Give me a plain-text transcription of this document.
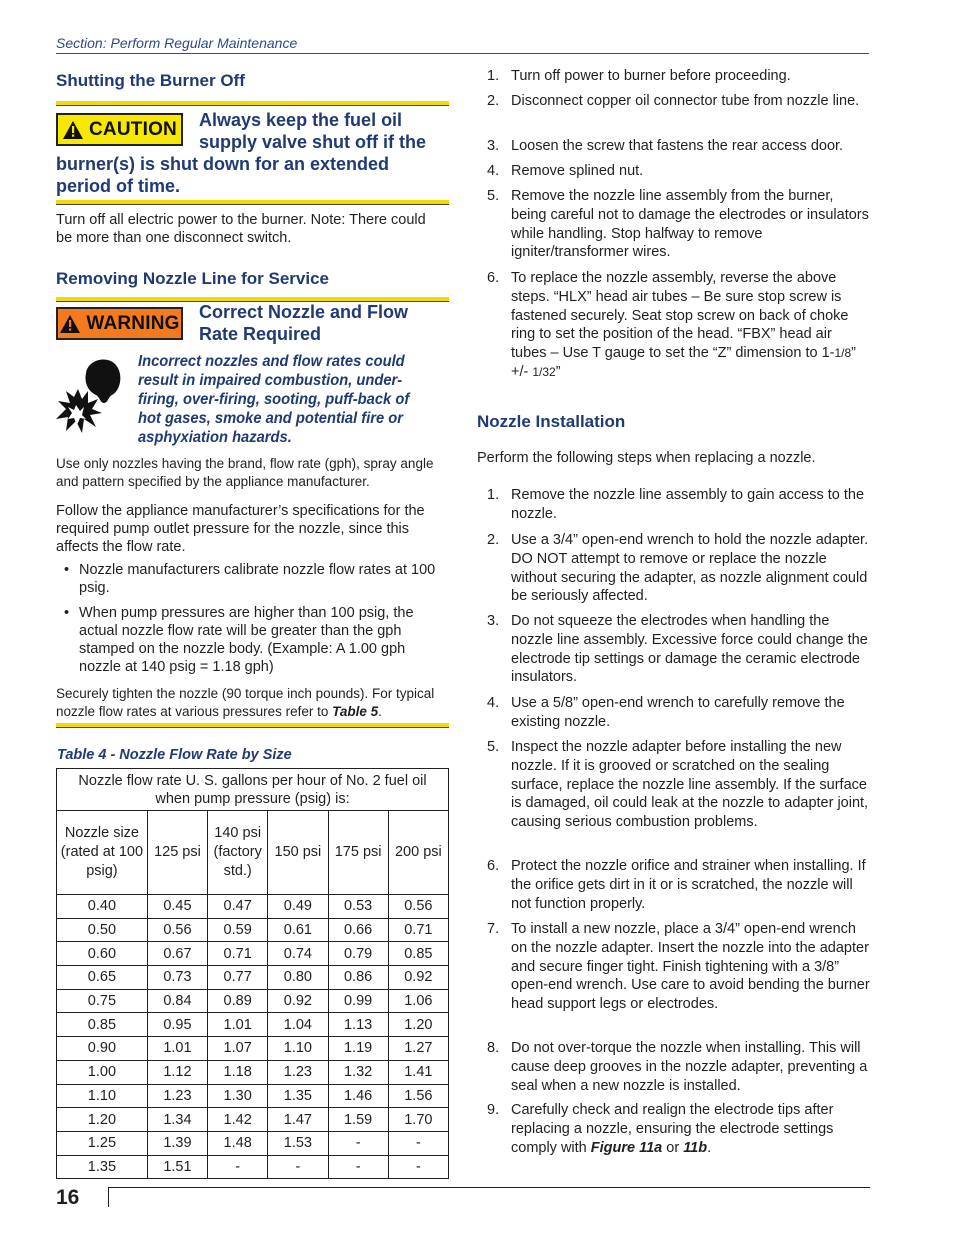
Section: Perform Regular Maintenance
Shutting the Burner Off
CAUTION Always keep the fuel oil
supply valve shut off if the
burner(s) is shut down for an extended
period of time.
Turn off all electric power to the burner. Note: There could be more than one disconnect switch.
Removing Nozzle Line for Service
WARNING
Correct Nozzle and Flow
Rate Required
Incorrect nozzles and flow rates could result in impaired combustion, under-firing, over-firing, sooting, puff-back of hot gases, smoke and potential fire or asphyxiation hazards.
Use only nozzles having the brand, flow rate (gph), spray angle and pattern specified by the appliance manufacturer.
Follow the appliance manufacturer’s specifications for the required pump outlet pressure for the nozzle, since this affects the flow rate.
• Nozzle manufacturers calibrate nozzle flow rates at 100 psig.
• When pump pressures are higher than 100 psig, the actual nozzle flow rate will be greater than the gph stamped on the nozzle body. (Example: A 1.00 gph nozzle at 140 psig = 1.18 gph)
Securely tighten the nozzle (90 torque inch pounds). For typical nozzle flow rates at various pressures refer to Table 5.
Table 4 - Nozzle Flow Rate by Size
Nozzle flow rate U. S. gallons per hour of No. 2 fuel oil when pump pressure (psig) is:					
Nozzle size (rated at 100 psig)	125 psi	140 psi (factory std.)	150 psi	175 psi	200 psi
0.40	0.45	0.47	0.49	0.53	0.56
0.50	0.56	0.59	0.61	0.66	0.71
0.60	0.67	0.71	0.74	0.79	0.85
0.65	0.73	0.77	0.80	0.86	0.92
0.75	0.84	0.89	0.92	0.99	1.06
0.85	0.95	1.01	1.04	1.13	1.20
0.90	1.01	1.07	1.10	1.19	1.27
1.00	1.12	1.18	1.23	1.32	1.41
1.10	1.23	1.30	1.35	1.46	1.56
1.20	1.34	1.42	1.47	1.59	1.70
1.25	1.39	1.48	1.53	-	-
1.35	1.51	-	-	-	-
1. Turn off power to burner before proceeding.
2. Disconnect copper oil connector tube from nozzle line.
3. Loosen the screw that fastens the rear access door.
4. Remove splined nut.
5. Remove the nozzle line assembly from the burner, being careful not to damage the electrodes or insulators while handling. Stop halfway to remove igniter/transformer wires.
6. To replace the nozzle assembly, reverse the above steps. “HLX” head air tubes – Be sure stop screw is fastened securely. Seat stop screw on back of choke ring to set the position of the head. “FBX” head air tubes – Use T gauge to set the “Z” dimension to 1-1/8” +/- 1/32”
Nozzle Installation
Perform the following steps when replacing a nozzle.
1. Remove the nozzle line assembly to gain access to the nozzle.
2. Use a 3/4” open-end wrench to hold the nozzle adapter. DO NOT attempt to remove or replace the nozzle without securing the adapter, as nozzle alignment could be seriously affected.
3. Do not squeeze the electrodes when handling the nozzle line assembly. Excessive force could change the electrode tip settings or damage the ceramic electrode insulators.
4. Use a 5/8” open-end wrench to carefully remove the existing nozzle.
5. Inspect the nozzle adapter before installing the new nozzle. If it is grooved or scratched on the sealing surface, replace the nozzle line assembly. If the surface is damaged, oil could leak at the nozzle to adapter joint, causing serious combustion problems.
6. Protect the nozzle orifice and strainer when installing. If the orifice gets dirt in it or is scratched, the nozzle will not function properly.
7. To install a new nozzle, place a 3/4” open-end wrench on the nozzle adapter. Insert the nozzle into the adapter and secure finger tight. Finish tightening with a 3/8” open-end wrench. Use care to avoid bending the burner head support legs or electrodes.
8. Do not over-torque the nozzle when installing. This will cause deep grooves in the nozzle adapter, preventing a seal when a new nozzle is installed.
9. Carefully check and realign the electrode tips after replacing a nozzle, ensuring the electrode settings comply with Figure 11a or 11b.
16
